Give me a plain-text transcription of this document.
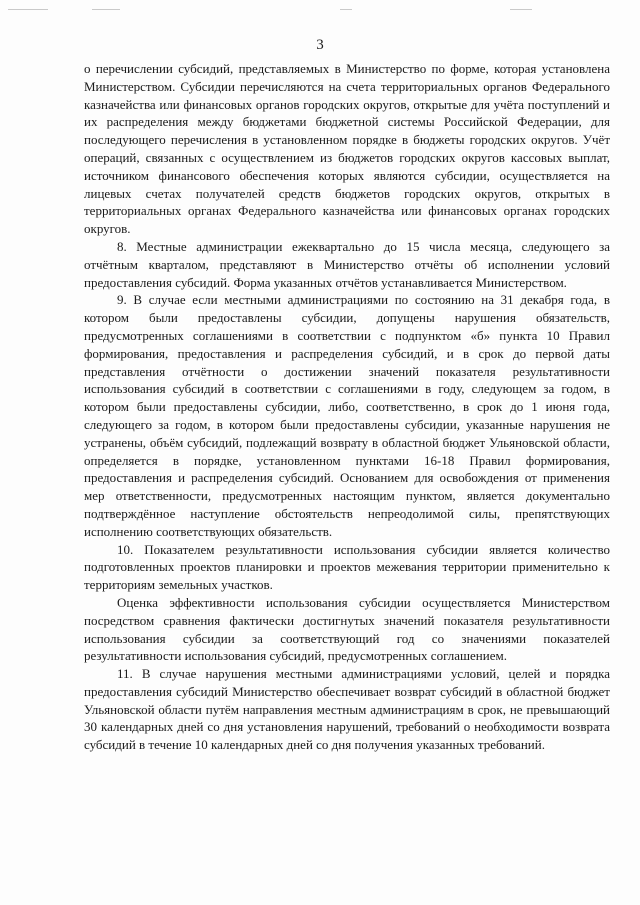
3

о перечислении субсидий, представляемых в Министерство по форме, которая установлена Министерством. Субсидии перечисляются на счета территориальных органов Федерального казначейства или финансовых органов городских округов, открытые для учёта поступлений и их распределения между бюджетами бюджетной системы Российской Федерации, для последующего перечисления в установленном порядке в бюджеты городских округов. Учёт операций, связанных с осуществлением из бюджетов городских округов кассовых выплат, источником финансового обеспечения которых являются субсидии, осуществляется на лицевых счетах получателей средств бюджетов городских округов, открытых в территориальных органах Федерального казначейства или финансовых органах городских округов.

8. Местные администрации ежеквартально до 15 числа месяца, следующего за отчётным кварталом, представляют в Министерство отчёты об исполнении условий предоставления субсидий. Форма указанных отчётов устанавливается Министерством.

9. В случае если местными администрациями по состоянию на 31 декабря года, в котором были предоставлены субсидии, допущены нарушения обязательств, предусмотренных соглашениями в соответствии с подпунктом «б» пункта 10 Правил формирования, предоставления и распределения субсидий, и в срок до первой даты представления отчётности о достижении значений показателя результативности использования субсидий в соответствии с соглашениями в году, следующем за годом, в котором были предоставлены субсидии, либо, соответственно, в срок до 1 июня года, следующего за годом, в котором были предоставлены субсидии, указанные нарушения не устранены, объём субсидий, подлежащий возврату в областной бюджет Ульяновской области, определяется в порядке, установленном пунктами 16-18 Правил формирования, предоставления и распределения субсидий. Основанием для освобождения от применения мер ответственности, предусмотренных настоящим пунктом, является документально подтверждённое наступление обстоятельств непреодолимой силы, препятствующих исполнению соответствующих обязательств.

10. Показателем результативности использования субсидии является количество подготовленных проектов планировки и проектов межевания территории применительно к территориям земельных участков.

Оценка эффективности использования субсидии осуществляется Министерством посредством сравнения фактически достигнутых значений показателя результативности использования субсидии за соответствующий год со значениями показателей результативности использования субсидий, предусмотренных соглашением.

11. В случае нарушения местными администрациями условий, целей и порядка предоставления субсидий Министерство обеспечивает возврат субсидий в областной бюджет Ульяновской области путём направления местным администрациям в срок, не превышающий 30 календарных дней со дня установления нарушений, требований о необходимости возврата субсидий в течение 10 календарных дней со дня получения указанных требований.
